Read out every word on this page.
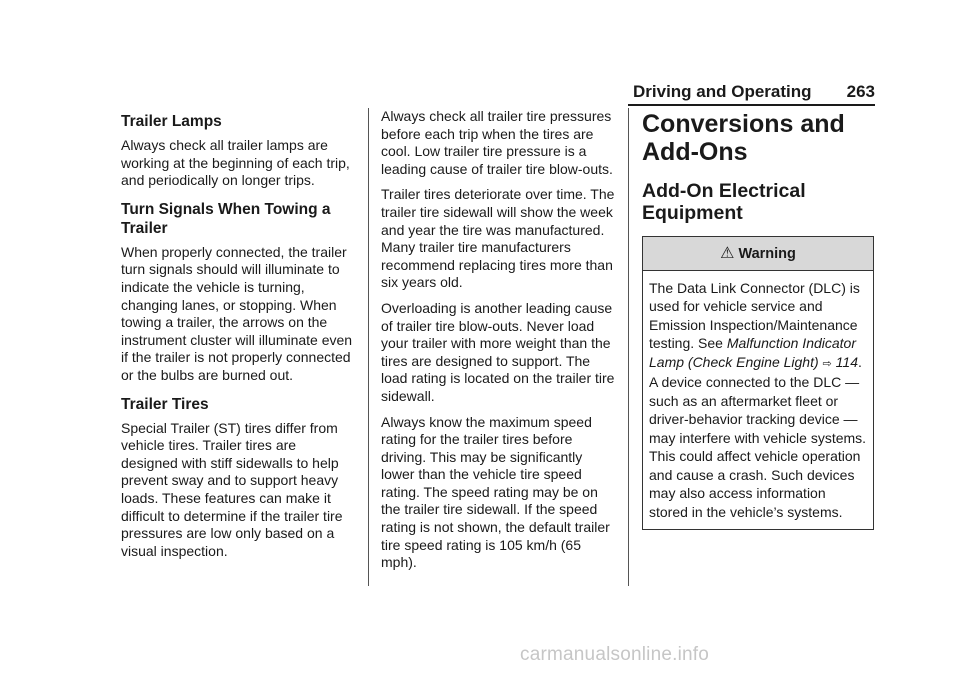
Driving and Operating 263
Trailer Lamps

Always check all trailer lamps are working at the beginning of each trip, and periodically on longer trips.

Turn Signals When Towing a Trailer

When properly connected, the trailer turn signals should will illuminate to indicate the vehicle is turning, changing lanes, or stopping. When towing a trailer, the arrows on the instrument cluster will illuminate even if the trailer is not properly connected or the bulbs are burned out.

Trailer Tires

Special Trailer (ST) tires differ from vehicle tires. Trailer tires are designed with stiff sidewalls to help prevent sway and to support heavy loads. These features can make it difficult to determine if the trailer tire pressures are low only based on a visual inspection.

Always check all trailer tire pressures before each trip when the tires are cool. Low trailer tire pressure is a leading cause of trailer tire blow-outs.

Trailer tires deteriorate over time. The trailer tire sidewall will show the week and year the tire was manufactured. Many trailer tire manufacturers recommend replacing tires more than six years old.

Overloading is another leading cause of trailer tire blow-outs. Never load your trailer with more weight than the tires are designed to support. The load rating is located on the trailer tire sidewall.

Always know the maximum speed rating for the trailer tires before driving. This may be significantly lower than the vehicle tire speed rating. The speed rating may be on the trailer tire sidewall. If the speed rating is not shown, the default trailer tire speed rating is 105 km/h (65 mph).

Conversions and Add-Ons
Add-On Electrical Equipment
⚠ Warning
The Data Link Connector (DLC) is used for vehicle service and Emission Inspection/Maintenance testing. See Malfunction Indicator Lamp (Check Engine Light) ⇨ 114. A device connected to the DLC — such as an aftermarket fleet or driver-behavior tracking device — may interfere with vehicle systems. This could affect vehicle operation and cause a crash. Such devices may also access information stored in the vehicle’s systems.
carmanualsonline.info
